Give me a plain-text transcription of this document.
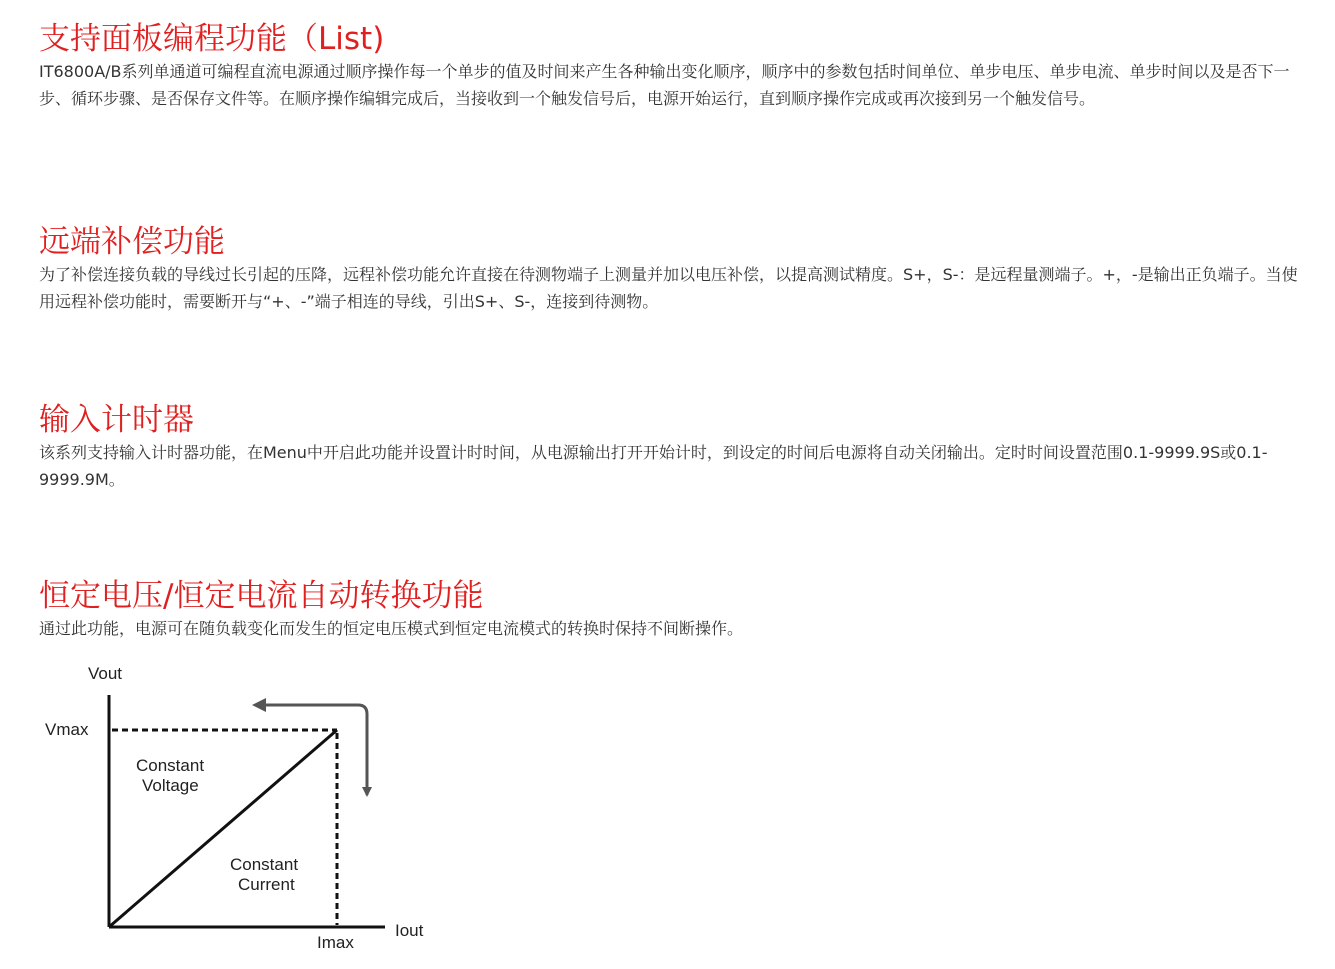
支持面板编程功能（List)

IT6800A/B系列单通道可编程直流电源通过顺序操作每一个单步的值及时间来产生各种输出变化顺序，顺序中的参数包括时间单位、单步电压、单步电流、单步时间以及是否下一步、循环步骤、是否保存文件等。在顺序操作编辑完成后，当接收到一个触发信号后，电源开始运行，直到顺序操作完成或再次接到另一个触发信号。

远端补偿功能

为了补偿连接负载的导线过长引起的压降，远程补偿功能允许直接在待测物端子上测量并加以电压补偿，以提高测试精度。S+，S-：是远程量测端子。+，-是输出正负端子。当使用远程补偿功能时，需要断开与“+、-”端子相连的导线，引出S+、S-，连接到待测物。

输入计时器

该系列支持输入计时器功能，在Menu中开启此功能并设置计时时间，从电源输出打开开始计时，到设定的时间后电源将自动关闭输出。定时时间设置范围0.1-9999.9S或0.1-9999.9M。

恒定电压/恒定电流自动转换功能

通过此功能，电源可在随负载变化而发生的恒定电压模式到恒定电流模式的转换时保持不间断操作。

Vout
Iout
Vmax
Imax
Constant
Voltage
Constant
Current
